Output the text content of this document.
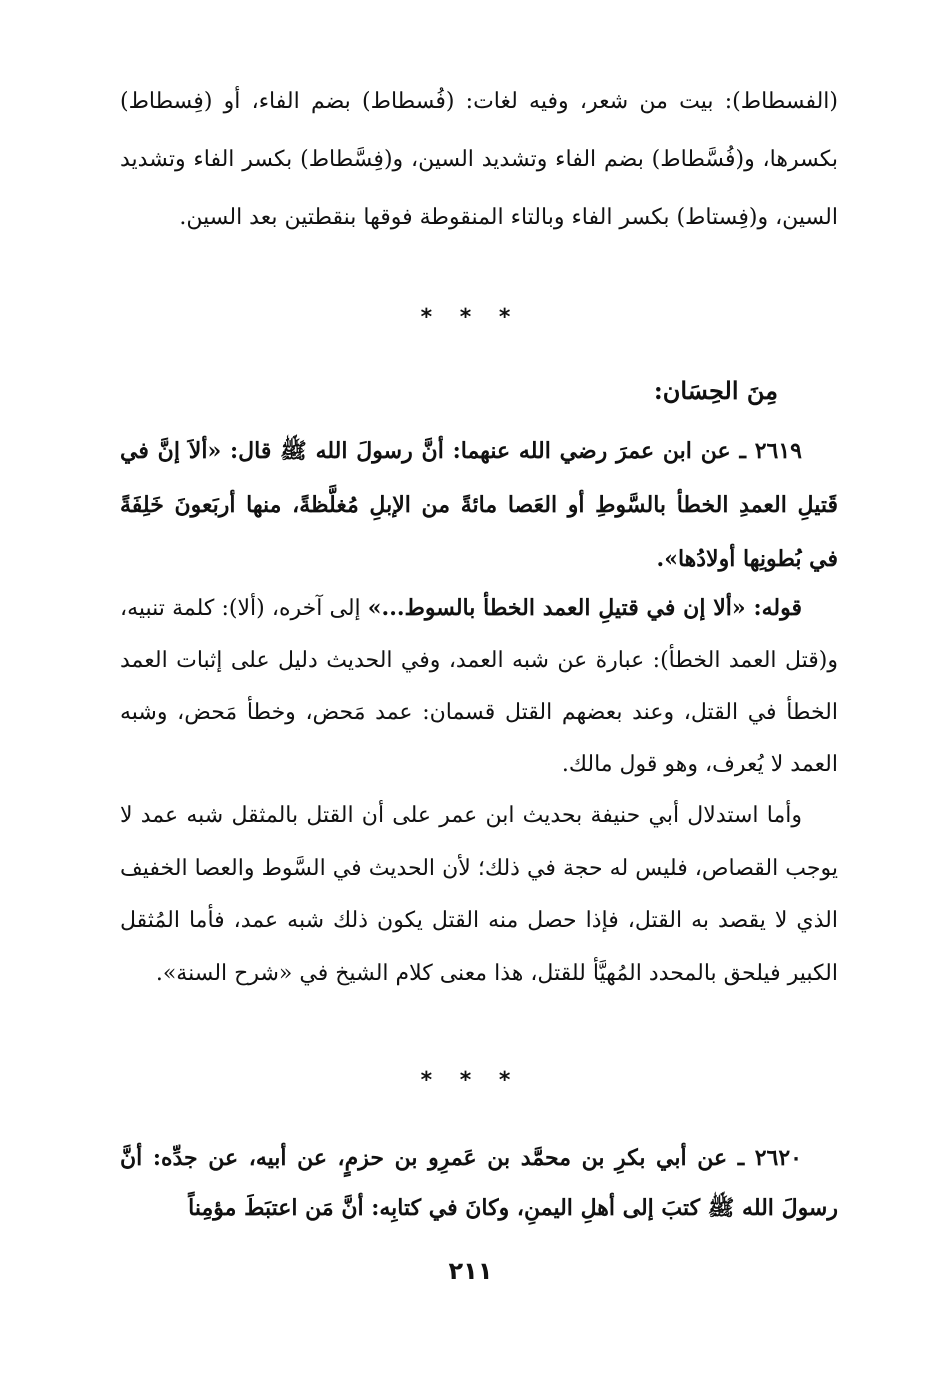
(الفسطاط): بيت من شعر، وفيه لغات: (فُسطاط) بضم الفاء، أو (فِسطاط) بكسرها، و(فُسَّطاط) بضم الفاء وتشديد السين، و(فِسَّطاط) بكسر الفاء وتشديد السين، و(فِستاط) بكسر الفاء وبالتاء المنقوطة فوقها بنقطتين بعد السين.

* * *
مِنَ الحِسَان:

٢٦١٩ ـ عن ابن عمرَ رضي الله عنهما: أنَّ رسولَ الله ﷺ قال: «ألاَ إنَّ في قَتيلِ العمدِ الخطأ بالسَّوطِ أو العَصا مائةً من الإبلِ مُغلَّظةً، منها أربَعونَ خَلِفَةً في بُطونِها أولادُها».

قوله: «ألا إن في قتيلِ العمد الخطأ بالسوط...» إلى آخره، (ألا): كلمة تنبيه، و(قتل العمد الخطأ): عبارة عن شبه العمد، وفي الحديث دليل على إثبات العمد الخطأ في القتل، وعند بعضهم القتل قسمان: عمد مَحض، وخطأ مَحض، وشبه العمد لا يُعرف، وهو قول مالك.

وأما استدلال أبي حنيفة بحديث ابن عمر على أن القتل بالمثقل شبه عمد لا يوجب القصاص، فليس له حجة في ذلك؛ لأن الحديث في السَّوط والعصا الخفيف الذي لا يقصد به القتل، فإذا حصل منه القتل يكون ذلك شبه عمد، فأما المُثقل الكبير فيلحق بالمحدد المُهيَّأ للقتل، هذا معنى كلام الشيخ في «شرح السنة».

* * *

٢٦٢٠ ـ عن أبي بكرِ بن محمَّد بن عَمرِو بن حزمٍ، عن أبيه، عن جدِّه: أنَّ رسولَ الله ﷺ كتبَ إلى أهلِ اليمنِ، وكانَ في كتابِه: أنَّ مَن اعتبَطَ مؤمِناً

٢١١
